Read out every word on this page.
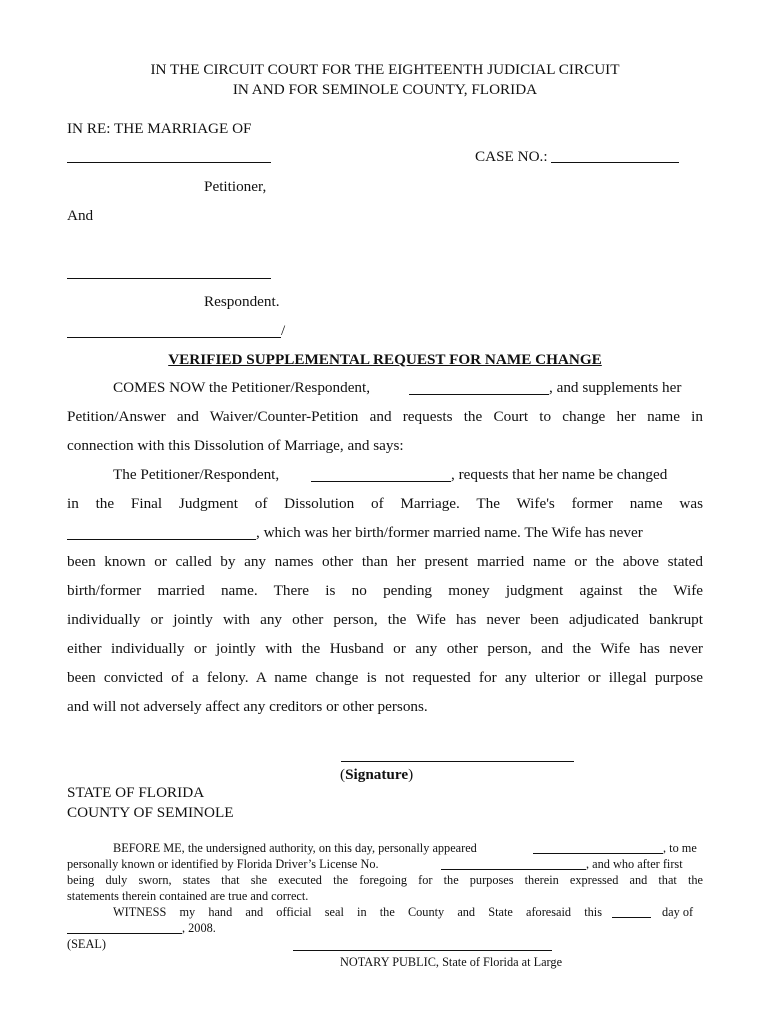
IN THE CIRCUIT COURT FOR THE EIGHTEENTH JUDICIAL CIRCUIT
IN AND FOR SEMINOLE COUNTY, FLORIDA
IN RE: THE MARRIAGE OF
CASE NO.:
Petitioner,
And
Respondent.
/
VERIFIED SUPPLEMENTAL REQUEST FOR NAME CHANGE
COMES NOW the Petitioner/Respondent,	, and supplements her
Petition/Answer and Waiver/Counter-Petition and requests the Court to change her name in
connection with this Dissolution of Marriage, and says:
The Petitioner/Respondent,	, requests that her name be changed
in the Final Judgment of Dissolution of Marriage. The Wife's former name was
, which was her birth/former married name. The Wife has never
been known or called by any names other than her present married name or the above stated
birth/former married name. There is no pending money judgment against the Wife
individually or jointly with any other person, the Wife has never been adjudicated bankrupt
either individually or jointly with the Husband or any other person, and the Wife has never
been convicted of a felony. A name change is not requested for any ulterior or illegal purpose
and will not adversely affect any creditors or other persons.
(Signature)
STATE OF FLORIDA
COUNTY OF SEMINOLE
BEFORE ME, the undersigned authority, on this day, personally appeared	, to me
personally known or identified by Florida Driver’s License No.	, and who after first
being duly sworn, states that she executed the foregoing for the purposes therein expressed and that the
statements therein contained are true and correct.
WITNESS my hand and official seal in the County and State aforesaid this	day of
, 2008.
(SEAL)
NOTARY PUBLIC, State of Florida at Large
